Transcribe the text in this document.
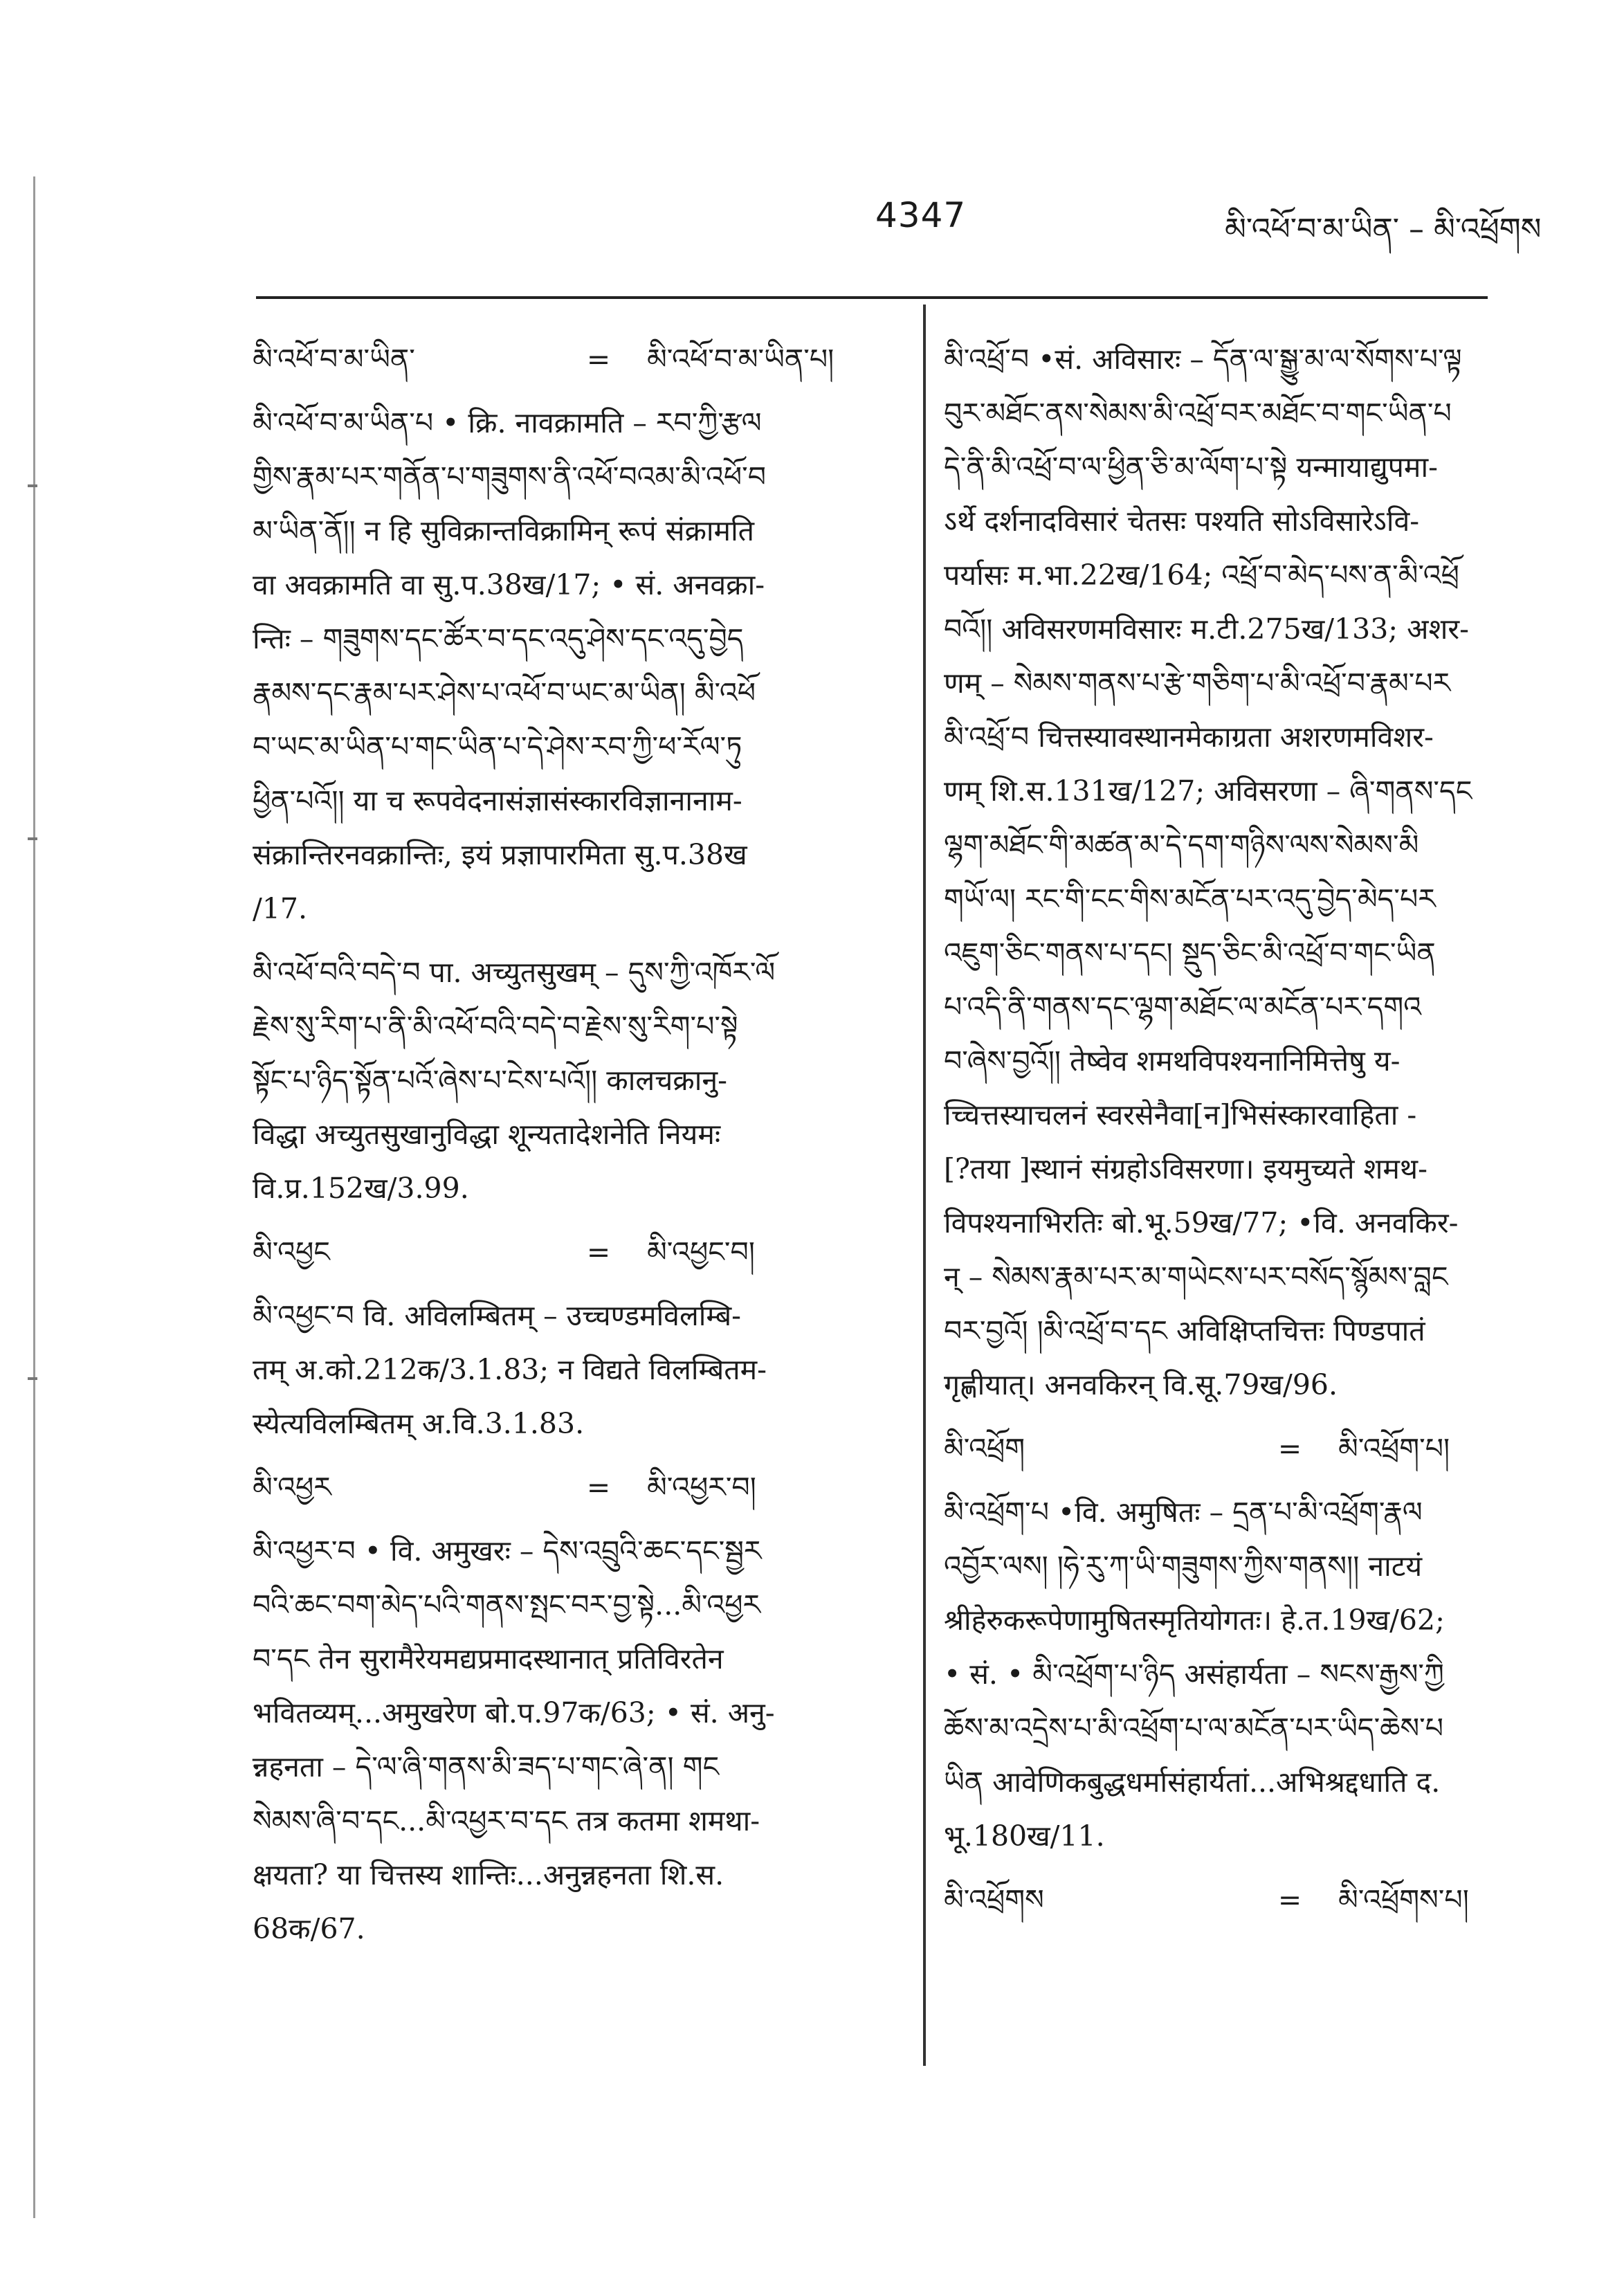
4347	མི་འཕོ་བ་མ་ཡིན་ – མི་འཕྲོགས
མི་འཕོ་བ་མ་ཡིན་	= མི་འཕོ་བ་མ་ཡིན་པ།
མི་འཕོ་བ་མ་ཡིན་པ • क्रि. नावक्रामति – རབ་ཀྱི་རྩལ
གྱིས་རྣམ་པར་གནོན་པ་གཟུགས་ནི་འཕོ་བའམ་མི་འཕོ་བ
མ་ཡིན་ནོ།། न हि सुविक्रान्तविक्रामिन् रूपं संक्रामति
वा अवक्रामति वा सु.प.38ख/17; • सं. अनवक्रा-
न्तिः – གཟུགས་དང་ཚོར་བ་དང་འདུ་ཤེས་དང་འདུ་བྱེད
རྣམས་དང་རྣམ་པར་ཤེས་པ་འཕོ་བ་ཡང་མ་ཡིན། མི་འཕོ
བ་ཡང་མ་ཡིན་པ་གང་ཡིན་པ་དེ་ཤེས་རབ་ཀྱི་ཕ་རོལ་ཏུ
ཕྱིན་པའོ།། या च रूपवेदनासंज्ञासंस्कारविज्ञानानाम-
संक्रान्तिरनवक्रान्तिः, इयं प्रज्ञापारमिता सु.प.38ख
/17.
མི་འཕོ་བའི་བདེ་བ पा. अच्युतसुखम् – དུས་ཀྱི་འཁོར་ལོ
རྗེས་སུ་རིག་པ་ནི་མི་འཕོ་བའི་བདེ་བ་རྗེས་སུ་རིག་པ་སྟེ
སྟོང་པ་ཉིད་སྟོན་པའོ་ཞེས་པ་ངེས་པའོ།། कालचक्रानु-
विद्धा अच्युतसुखानुविद्धा शून्यतादेशनेति नियमः
वि.प्र.152ख/3.99.
མི་འཕྱང	= མི་འཕྱང་བ།
མི་འཕྱང་བ वि. अविलम्बितम् – उच्चण्डमविलम्बि-
तम् अ.को.212क/3.1.83; न विद्यते विलम्बितम-
स्येत्यविलम्बितम् अ.वि.3.1.83.
མི་འཕྱར	= མི་འཕྱར་བ།
མི་འཕྱར་བ • वि. अमुखरः – དེས་འབྲུའི་ཆང་དང་སྦྱར
བའི་ཆང་བག་མེད་པའི་གནས་སྤང་བར་བྱ་སྟེ...མི་འཕྱར
བ་དང तेन सुरामैरेयमद्यप्रमादस्थानात् प्रतिविरतेन
भवितव्यम्...अमुखरेण बो.प.97क/63; • सं. अनु-
न्नहनता – དེ་ལ་ཞི་གནས་མི་ཟད་པ་གང་ཞེ་ན། གང
སེམས་ཞི་བ་དང...མི་འཕྱར་བ་དང तत्र कतमा शमथा-
क्षयता? या चित्तस्य शान्तिः...अनुन्नहनता शि.स.
68क/67.
མི་འཕྲོ་བ •सं. अविसारः – དོན་ལ་སྒྱུ་མ་ལ་སོགས་པ་ལྟ
བུར་མཐོང་ནས་སེམས་མི་འཕྲོ་བར་མཐོང་བ་གང་ཡིན་པ
དེ་ནི་མི་འཕྲོ་བ་ལ་ཕྱིན་ཅི་མ་ལོག་པ་སྟེ यन्मायाद्युपमा-
ऽर्थे दर्शनादविसारं चेतसः पश्यति सोऽविसारेऽवि-
पर्यासः म.भा.22ख/164; འཕྲོ་བ་མེད་པས་ན་མི་འཕྲོ
བའོ།། अविसरणमविसारः म.टी.275ख/133; अशर-
णम् – སེམས་གནས་པ་རྩེ་གཅིག་པ་མི་འཕྲོ་བ་རྣམ་པར
མི་འཕྲོ་བ चित्तस्यावस्थानमेकाग्रता अशरणमविशर-
णम् शि.स.131ख/127; अविसरणा – ཞི་གནས་དང
ལྷག་མཐོང་གི་མཚན་མ་དེ་དག་གཉིས་ལས་སེམས་མི
གཡོ་ལ། རང་གི་ངང་གིས་མངོན་པར་འདུ་བྱེད་མེད་པར
འཇུག་ཅིང་གནས་པ་དང། སྡུད་ཅིང་མི་འཕྲོ་བ་གང་ཡིན
པ་འདི་ནི་གནས་དང་ལྷག་མཐོང་ལ་མངོན་པར་དགའ
བ་ཞེས་བྱའོ།། तेष्वेव शमथविपश्यनानिमित्तेषु य-
च्चित्तस्याचलनं स्वरसेनैवा[न]भिसंस्कारवाहिता -
[?तया ]स्थानं संग्रहोऽविसरणा। इयमुच्यते शमथ-
विपश्यनाभिरतिः बो.भू.59ख/77; •वि. अनवकिर-
न् – སེམས་རྣམ་པར་མ་གཡེངས་པར་བསོད་སྙོམས་བླང
བར་བྱའོ། །མི་འཕྲོ་བ་དང अविक्षिप्तचित्तः पिण्डपातं
गृह्णीयात्। अनवकिरन् वि.सू.79ख/96.
མི་འཕྲོག	= མི་འཕྲོག་པ།
མི་འཕྲོག་པ •वि. अमुषितः – དྲན་པ་མི་འཕྲོག་རྣལ
འབྱོར་ལས། །ཧེ་རུ་ཀ་ཡི་གཟུགས་ཀྱིས་གནས།། नाटयं
श्रीहेरुकरूपेणामुषितस्मृतियोगतः। हे.त.19ख/62;
• सं. • མི་འཕྲོག་པ་ཉིད असंहार्यता – སངས་རྒྱས་ཀྱི
ཆོས་མ་འདྲེས་པ་མི་འཕྲོག་པ་ལ་མངོན་པར་ཡིད་ཆེས་པ
ཡིན आवेणिकबुद्धधर्मासंहार्यतां...अभिश्रद्दधाति द.
भू.180ख/11.
མི་འཕྲོགས	= མི་འཕྲོགས་པ།
